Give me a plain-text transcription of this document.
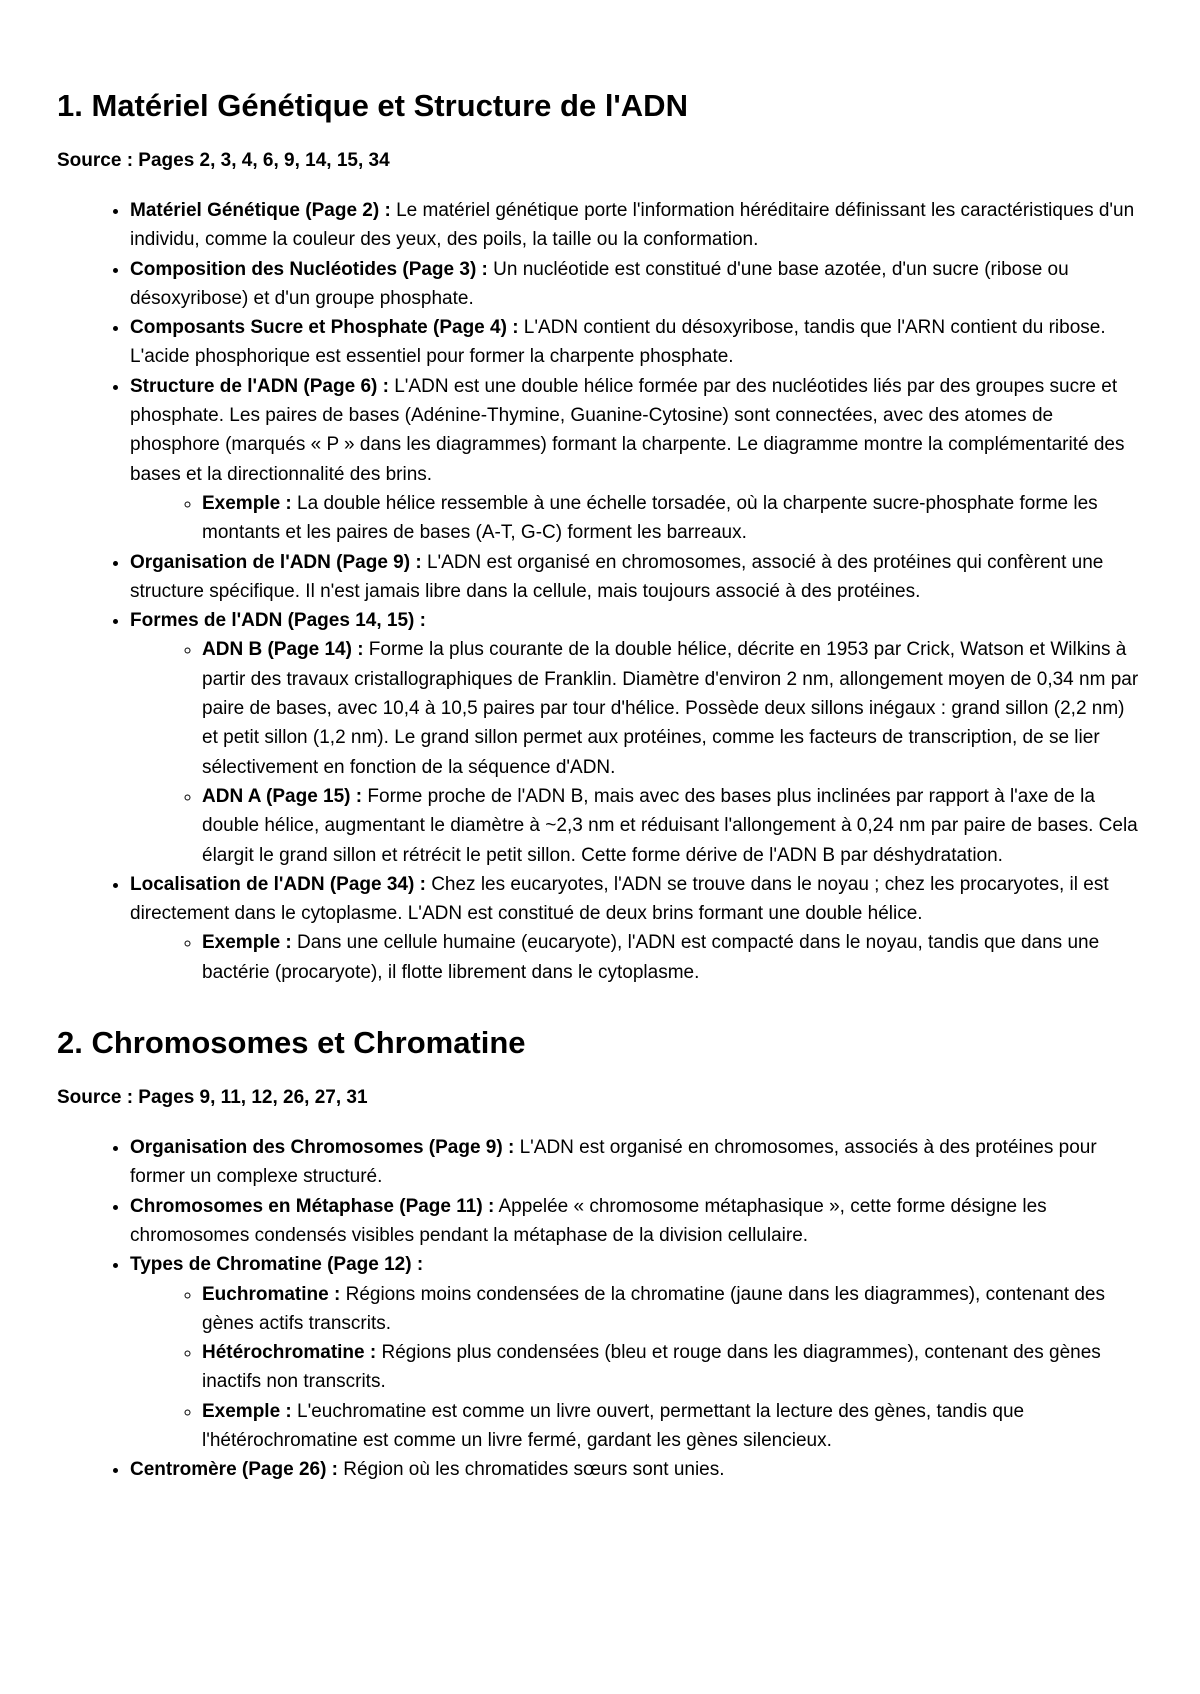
1. Matériel Génétique et Structure de l'ADN

Source : Pages 2, 3, 4, 6, 9, 14, 15, 34

• Matériel Génétique (Page 2) : Le matériel génétique porte l'information héréditaire définissant les caractéristiques d'un individu, comme la couleur des yeux, des poils, la taille ou la conformation.
• Composition des Nucléotides (Page 3) : Un nucléotide est constitué d'une base azotée, d'un sucre (ribose ou désoxyribose) et d'un groupe phosphate.
• Composants Sucre et Phosphate (Page 4) : L'ADN contient du désoxyribose, tandis que l'ARN contient du ribose. L'acide phosphorique est essentiel pour former la charpente phosphate.
• Structure de l'ADN (Page 6) : L'ADN est une double hélice formée par des nucléotides liés par des groupes sucre et phosphate. Les paires de bases (Adénine-Thymine, Guanine-Cytosine) sont connectées, avec des atomes de phosphore (marqués « P » dans les diagrammes) formant la charpente. Le diagramme montre la complémentarité des bases et la directionnalité des brins.
◦ Exemple : La double hélice ressemble à une échelle torsadée, où la charpente sucre-phosphate forme les montants et les paires de bases (A-T, G-C) forment les barreaux.
• Organisation de l'ADN (Page 9) : L'ADN est organisé en chromosomes, associé à des protéines qui confèrent une structure spécifique. Il n'est jamais libre dans la cellule, mais toujours associé à des protéines.
• Formes de l'ADN (Pages 14, 15) :
◦ ADN B (Page 14) : Forme la plus courante de la double hélice, décrite en 1953 par Crick, Watson et Wilkins à partir des travaux cristallographiques de Franklin. Diamètre d'environ 2 nm, allongement moyen de 0,34 nm par paire de bases, avec 10,4 à 10,5 paires par tour d'hélice. Possède deux sillons inégaux : grand sillon (2,2 nm) et petit sillon (1,2 nm). Le grand sillon permet aux protéines, comme les facteurs de transcription, de se lier sélectivement en fonction de la séquence d'ADN.
◦ ADN A (Page 15) : Forme proche de l'ADN B, mais avec des bases plus inclinées par rapport à l'axe de la double hélice, augmentant le diamètre à ~2,3 nm et réduisant l'allongement à 0,24 nm par paire de bases. Cela élargit le grand sillon et rétrécit le petit sillon. Cette forme dérive de l'ADN B par déshydratation.
• Localisation de l'ADN (Page 34) : Chez les eucaryotes, l'ADN se trouve dans le noyau ; chez les procaryotes, il est directement dans le cytoplasme. L'ADN est constitué de deux brins formant une double hélice.
◦ Exemple : Dans une cellule humaine (eucaryote), l'ADN est compacté dans le noyau, tandis que dans une bactérie (procaryote), il flotte librement dans le cytoplasme.
2. Chromosomes et Chromatine

Source : Pages 9, 11, 12, 26, 27, 31

• Organisation des Chromosomes (Page 9) : L'ADN est organisé en chromosomes, associés à des protéines pour former un complexe structuré.
• Chromosomes en Métaphase (Page 11) : Appelée « chromosome métaphasique », cette forme désigne les chromosomes condensés visibles pendant la métaphase de la division cellulaire.
• Types de Chromatine (Page 12) :
◦ Euchromatine : Régions moins condensées de la chromatine (jaune dans les diagrammes), contenant des gènes actifs transcrits.
◦ Hétérochromatine : Régions plus condensées (bleu et rouge dans les diagrammes), contenant des gènes inactifs non transcrits.
◦ Exemple : L'euchromatine est comme un livre ouvert, permettant la lecture des gènes, tandis que l'hétérochromatine est comme un livre fermé, gardant les gènes silencieux.
• Centromère (Page 26) : Région où les chromatides sœurs sont unies.
